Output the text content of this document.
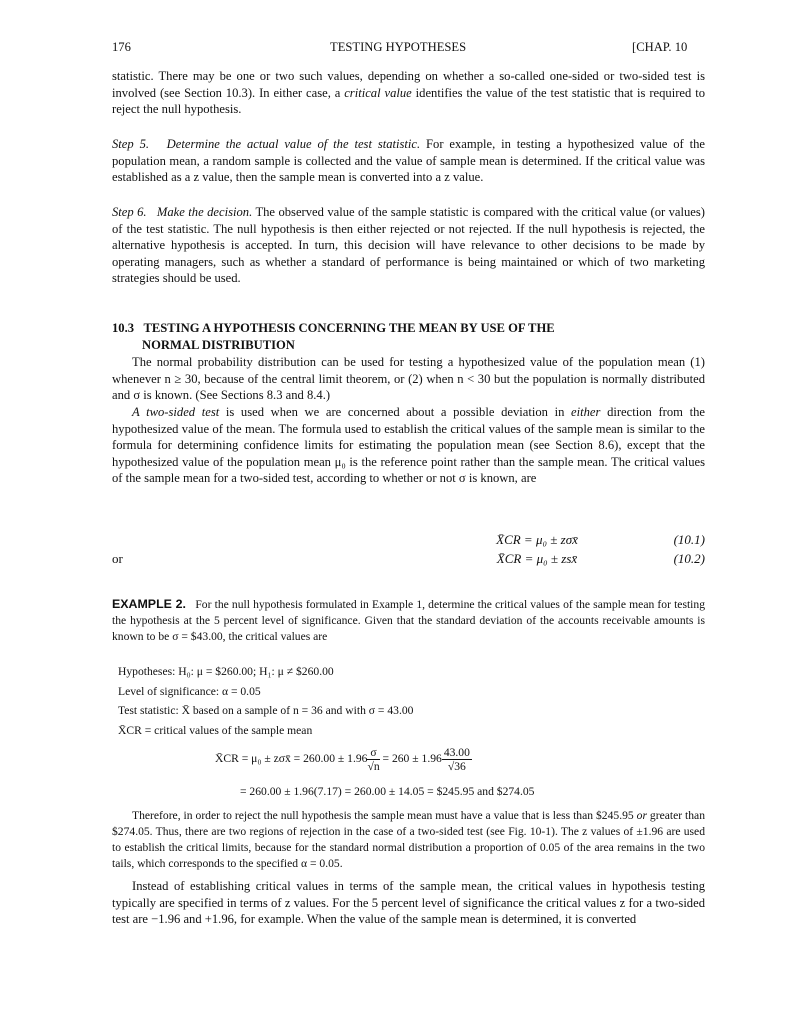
176	TESTING HYPOTHESES	[CHAP. 10
statistic. There may be one or two such values, depending on whether a so-called one-sided or two-sided test is involved (see Section 10.3). In either case, a critical value identifies the value of the test statistic that is required to reject the null hypothesis.
Step 5. Determine the actual value of the test statistic. For example, in testing a hypothesized value of the population mean, a random sample is collected and the value of sample mean is determined. If the critical value was established as a z value, then the sample mean is converted into a z value.
Step 6. Make the decision. The observed value of the sample statistic is compared with the critical value (or values) of the test statistic. The null hypothesis is then either rejected or not rejected. If the null hypothesis is rejected, the alternative hypothesis is accepted. In turn, this decision will have relevance to other decisions to be made by operating managers, such as whether a standard of performance is being maintained or which of two marketing strategies should be used.
10.3 TESTING A HYPOTHESIS CONCERNING THE MEAN BY USE OF THE
NORMAL DISTRIBUTION
The normal probability distribution can be used for testing a hypothesized value of the population mean (1) whenever n ≥ 30, because of the central limit theorem, or (2) when n < 30 but the population is normally distributed and σ is known. (See Sections 8.3 and 8.4.)
A two-sided test is used when we are concerned about a possible deviation in either direction from the hypothesized value of the mean. The formula used to establish the critical values of the sample mean is similar to the formula for determining confidence limits for estimating the population mean (see Section 8.6), except that the hypothesized value of the population mean μ₀ is the reference point rather than the sample mean. The critical values of the sample mean for a two-sided test, according to whether or not σ is known, are
X̄CR = μ₀ ± zσx̄	(10.1)
or	X̄CR = μ₀ ± zsx̄	(10.2)
EXAMPLE 2. For the null hypothesis formulated in Example 1, determine the critical values of the sample mean for testing the hypothesis at the 5 percent level of significance. Given that the standard deviation of the accounts receivable amounts is known to be σ = $43.00, the critical values are
Hypotheses: H₀: μ = $260.00; H₁: μ ≠ $260.00
Level of significance: α = 0.05
Test statistic: X̄ based on a sample of n = 36 and with σ = 43.00
X̄CR = critical values of the sample mean
X̄CR = μ₀ ± zσx̄ = $260.00 \pm 1.96 \frac{\sigma}{√n} = 260 \pm 1.96 \frac{43.00}{√36}$
= 260.00 ± 1.96(7.17) = 260.00 ± 14.05 = $245.95 and $274.05
Therefore, in order to reject the null hypothesis the sample mean must have a value that is less than $245.95 or greater than $274.05. Thus, there are two regions of rejection in the case of a two-sided test (see Fig. 10-1). The z values of ±1.96 are used to establish the critical limits, because for the standard normal distribution a proportion of 0.05 of the area remains in the two tails, which corresponds to the specified α = 0.05.
Instead of establishing critical values in terms of the sample mean, the critical values in hypothesis testing typically are specified in terms of z values. For the 5 percent level of significance the critical values z for a two-sided test are −1.96 and +1.96, for example. When the value of the sample mean is determined, it is converted
